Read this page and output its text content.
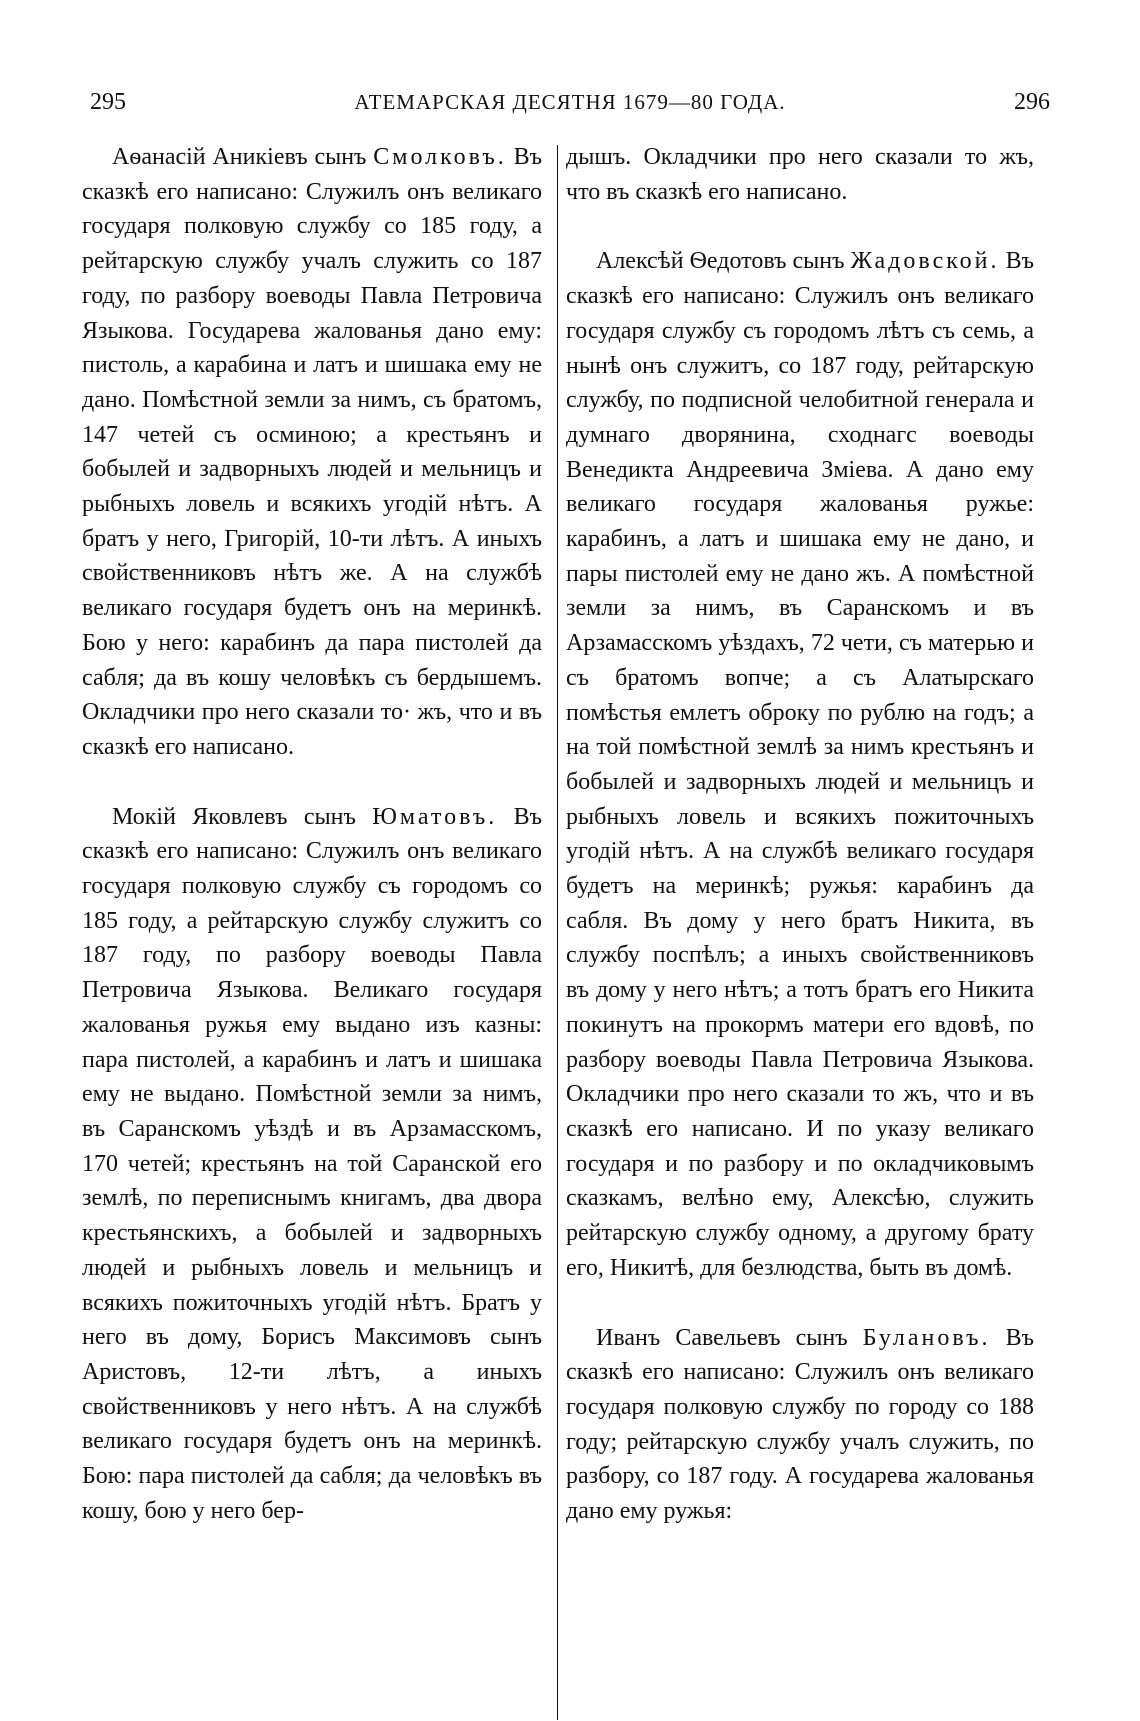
295	АТЕМАРСКАЯ ДЕСЯТНЯ 1679—80 ГОДА.	296

Аѳанасій Аникіевъ сынъ Смолковъ. Въ сказкѣ его написано: Служилъ онъ великаго государя полковую службу со 185 году, а рейтарскую службу учалъ служить со 187 году, по разбору воеводы Павла Петровича Языкова. Государева жалованья дано ему: пистоль, а карабина и латъ и шишака ему не дано. Помѣстной земли за нимъ, съ братомъ, 147 четей съ осминою; а крестьянъ и бобылей и задворныхъ людей и мельницъ и рыбныхъ ловель и всякихъ угодій нѣтъ. А братъ у него, Григорій, 10-ти лѣтъ. А иныхъ свойственниковъ нѣтъ же. А на службѣ великаго государя будетъ онъ на меринкѣ. Бою у него: карабинъ да пара пистолей да сабля; да въ кошу человѣкъ съ бердышемъ. Окладчики про него сказали то· жъ, что и въ сказкѣ его написано.

Мокій Яковлевъ сынъ Юматовъ. Въ сказкѣ его написано: Служилъ онъ великаго государя полковую службу съ городомъ со 185 году, а рейтарскую службу служитъ со 187 году, по разбору воеводы Павла Петровича Языкова. Великаго государя жалованья ружья ему выдано изъ казны: пара пистолей, а карабинъ и латъ и шишака ему не выдано. Помѣстной земли за нимъ, въ Саранскомъ уѣздѣ и въ Арзамасскомъ, 170 четей; крестьянъ на той Саранской его землѣ, по переписнымъ книгамъ, два двора крестьянскихъ, а бобылей и задворныхъ людей и рыбныхъ ловель и мельницъ и всякихъ пожиточныхъ угодій нѣтъ. Братъ у него въ дому, Борисъ Максимовъ сынъ Аристовъ, 12-ти лѣтъ, а иныхъ свойственниковъ у него нѣтъ. А на службѣ великаго государя будетъ онъ на меринкѣ. Бою: пара пистолей да сабля; да человѣкъ въ кошу, бою у него бер-

дышъ. Окладчики про него сказали то жъ, что въ сказкѣ его написано.

Алексѣй Ѳедотовъ сынъ Жадовской. Въ сказкѣ его написано: Служилъ онъ великаго государя службу съ городомъ лѣтъ съ семь, а нынѣ онъ служитъ, со 187 году, рейтарскую службу, по подписной челобитной генерала и думнаго дворянина, сходнагс воеводы Венедикта Андреевича Зміева. А дано ему великаго государя жалованья ружье: карабинъ, а латъ и шишака ему не дано, и пары пистолей ему не дано жъ. А помѣстной земли за нимъ, въ Саранскомъ и въ Арзамасскомъ уѣздахъ, 72 чети, съ матерью и съ братомъ вопче; а съ Алатырскаго помѣстья емлетъ оброку по рублю на годъ; а на той помѣстной землѣ за нимъ крестьянъ и бобылей и задворныхъ людей и мельницъ и рыбныхъ ловель и всякихъ пожиточныхъ угодій нѣтъ. А на службѣ великаго государя будетъ на меринкѣ; ружья: карабинъ да сабля. Въ дому у него братъ Никита, въ службу поспѣлъ; а иныхъ свойственниковъ въ дому у него нѣтъ; а тотъ братъ его Никита покинутъ на прокормъ матери его вдовѣ, по разбору воеводы Павла Петровича Языкова. Окладчики про него сказали то жъ, что и въ сказкѣ его написано. И по указу великаго государя и по разбору и по окладчиковымъ сказкамъ, велѣно ему, Алексѣю, служить рейтарскую службу одному, а другому брату его, Никитѣ, для безлюдства, быть въ домѣ.

Иванъ Савельевъ сынъ Булановъ. Въ сказкѣ его написано: Служилъ онъ великаго государя полковую службу по городу со 188 году; рейтарскую службу учалъ служить, по разбору, со 187 году. А государева жалованья дано ему ружья:
